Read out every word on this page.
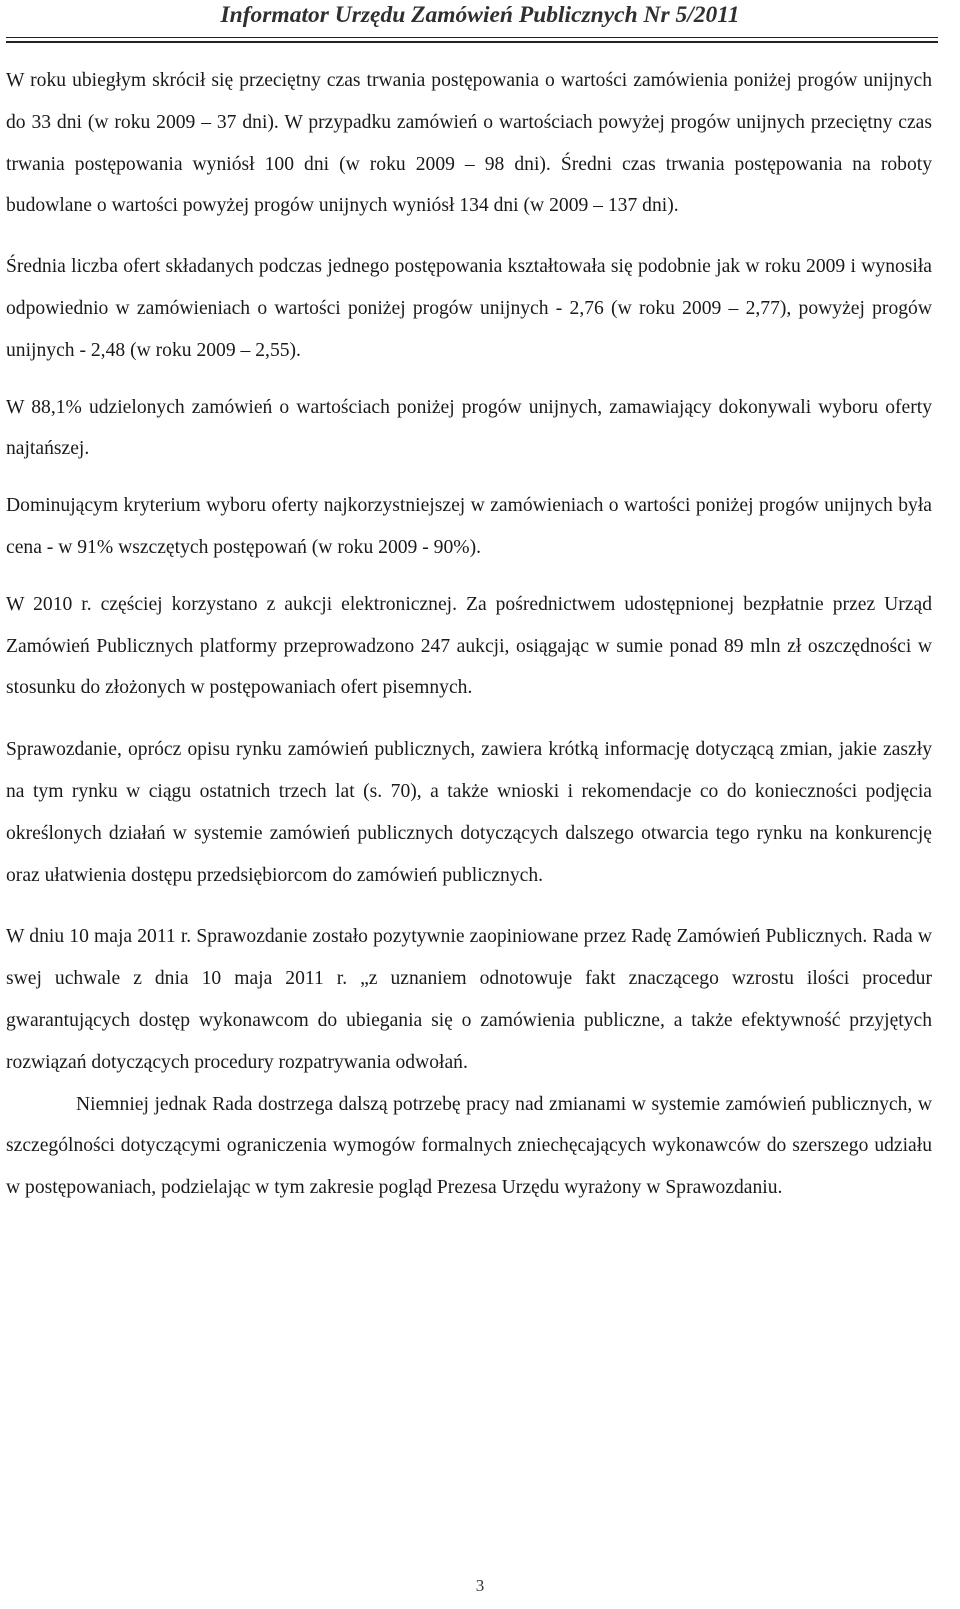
Informator Urzędu Zamówień Publicznych Nr 5/2011

W roku ubiegłym skrócił się przeciętny czas trwania postępowania o wartości zamówienia poniżej progów unijnych do 33 dni (w roku 2009 – 37 dni). W przypadku zamówień o wartościach powyżej progów unijnych przeciętny czas trwania postępowania wyniósł 100 dni (w roku 2009 – 98 dni). Średni czas trwania postępowania na roboty budowlane o wartości powyżej progów unijnych wyniósł 134 dni (w 2009 – 137 dni).

Średnia liczba ofert składanych podczas jednego postępowania kształtowała się podobnie jak w roku 2009 i wynosiła odpowiednio w zamówieniach o wartości poniżej progów unijnych - 2,76 (w roku 2009 – 2,77), powyżej progów unijnych - 2,48 (w roku 2009 – 2,55).

W 88,1% udzielonych zamówień o wartościach poniżej progów unijnych, zamawiający dokonywali wyboru oferty najtańszej.

Dominującym kryterium wyboru oferty najkorzystniejszej w zamówieniach o wartości poniżej progów unijnych była cena - w 91% wszczętych postępowań (w roku 2009 - 90%).

W 2010 r. częściej korzystano z aukcji elektronicznej. Za pośrednictwem udostępnionej bezpłatnie przez Urząd Zamówień Publicznych platformy przeprowadzono 247 aukcji, osiągając w sumie ponad 89 mln zł oszczędności w stosunku do złożonych w postępowaniach ofert pisemnych.

Sprawozdanie, oprócz opisu rynku zamówień publicznych, zawiera krótką informację dotyczącą zmian, jakie zaszły na tym rynku w ciągu ostatnich trzech lat (s. 70), a także wnioski i rekomendacje co do konieczności podjęcia określonych działań w systemie zamówień publicznych dotyczących dalszego otwarcia tego rynku na konkurencję oraz ułatwienia dostępu przedsiębiorcom do zamówień publicznych.

W dniu 10 maja 2011 r. Sprawozdanie zostało pozytywnie zaopiniowane przez Radę Zamówień Publicznych. Rada w swej uchwale z dnia 10 maja 2011 r. „z uznaniem odnotowuje fakt znaczącego wzrostu ilości procedur gwarantujących dostęp wykonawcom do ubiegania się o zamówienia publiczne, a także efektywność przyjętych rozwiązań dotyczących procedury rozpatrywania odwołań.

Niemniej jednak Rada dostrzega dalszą potrzebę pracy nad zmianami w systemie zamówień publicznych, w szczególności dotyczącymi ograniczenia wymogów formalnych zniechęcających wykonawców do szerszego udziału w postępowaniach, podzielając w tym zakresie pogląd Prezesa Urzędu wyrażony w Sprawozdaniu.

3
